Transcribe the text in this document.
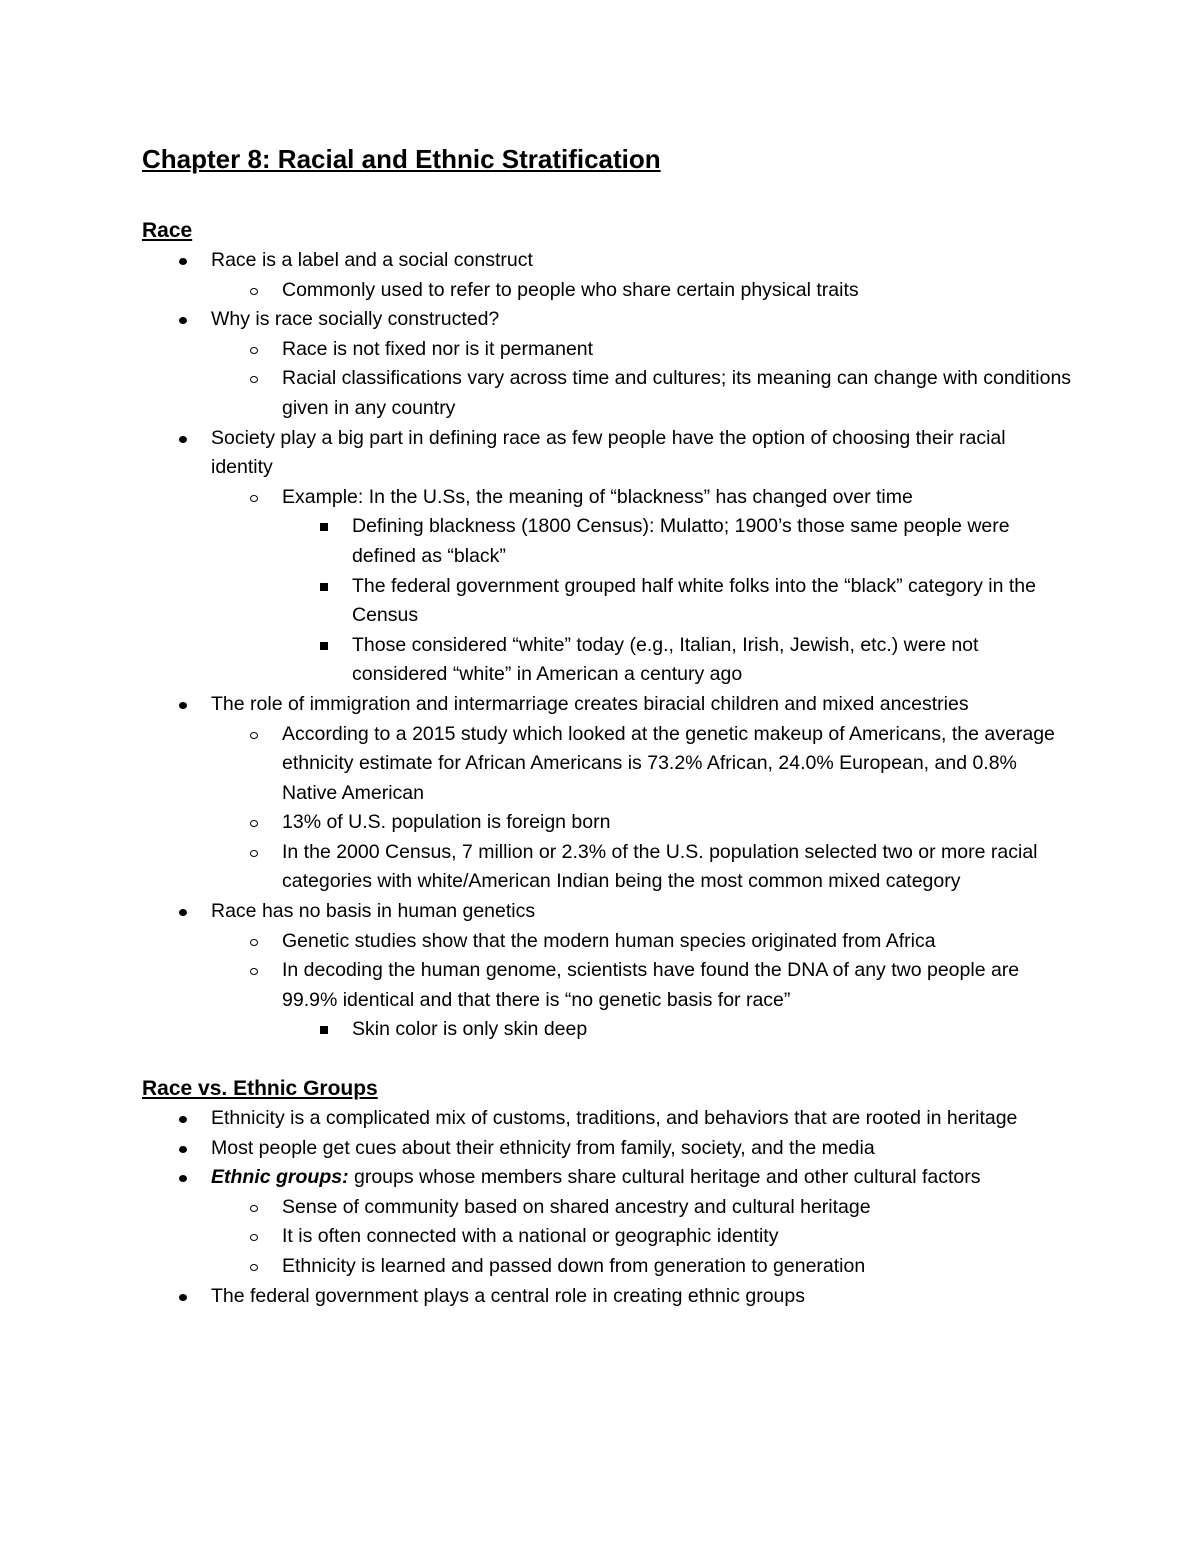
Chapter 8: Racial and Ethnic Stratification
Race
Race is a label and a social construct
Commonly used to refer to people who share certain physical traits
Why is race socially constructed?
Race is not fixed nor is it permanent
Racial classifications vary across time and cultures; its meaning can change with conditions given in any country
Society play a big part in defining race as few people have the option of choosing their racial identity
Example: In the U.Ss, the meaning of “blackness” has changed over time
Defining blackness (1800 Census): Mulatto; 1900’s those same people were defined as “black”
The federal government grouped half white folks into the “black” category in the Census
Those considered “white” today (e.g., Italian, Irish, Jewish, etc.) were not considered “white” in American a century ago
The role of immigration and intermarriage creates biracial children and mixed ancestries
According to a 2015 study which looked at the genetic makeup of Americans, the average ethnicity estimate for African Americans is 73.2% African, 24.0% European, and 0.8% Native American
13% of U.S. population is foreign born
In the 2000 Census, 7 million or 2.3% of the U.S. population selected two or more racial categories with white/American Indian being the most common mixed category
Race has no basis in human genetics
Genetic studies show that the modern human species originated from Africa
In decoding the human genome, scientists have found the DNA of any two people are 99.9% identical and that there is “no genetic basis for race”
Skin color is only skin deep
Race vs. Ethnic Groups
Ethnicity is a complicated mix of customs, traditions, and behaviors that are rooted in heritage
Most people get cues about their ethnicity from family, society, and the media
Ethnic groups: groups whose members share cultural heritage and other cultural factors
Sense of community based on shared ancestry and cultural heritage
It is often connected with a national or geographic identity
Ethnicity is learned and passed down from generation to generation
The federal government plays a central role in creating ethnic groups
